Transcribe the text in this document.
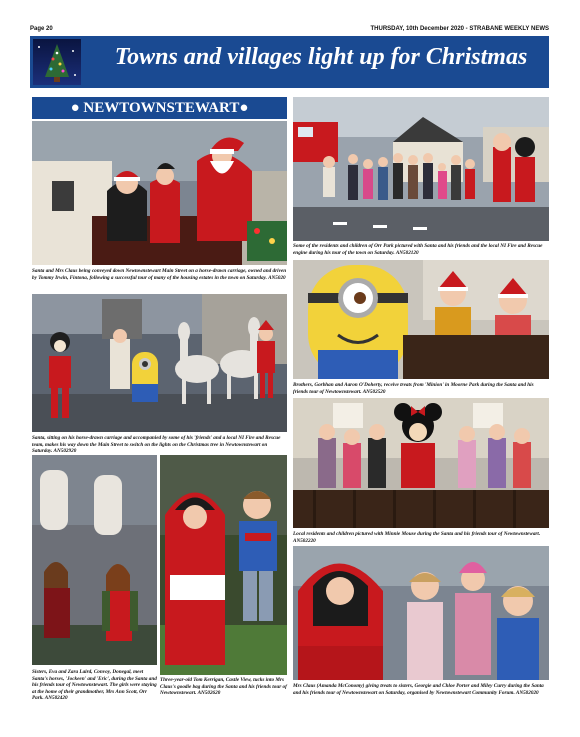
Page 20	THURSDAY, 10th December 2020 - STRABANE WEEKLY NEWS
Towns and villages light up for Christmas
● NEWTOWNSTEWART●
Santa and Mrs Claus being conveyed down Newtownstewart Main Street on a horse-drawn carriage, owned and driven by Tommy Irwin, Fintona, following a successful tour of many of the housing estates in the town on Saturday. AN5020
Santa, sitting on his horse-drawn carriage and accompanied by some of his 'friends' and a local NI Fire and Rescue team, makes his way down the Main Street to switch on the lights on the Christmas tree in Newtownstewart on Saturday. AN502920
Sisters, Eva and Zara Laird, Convoy, Donegal, meet Santa's horses, 'Jockeen' and 'Eric', during the Santa and his friends tour of Newtownstewart. The girls were staying at the home of their grandmother, Mrs Ann Scott, Orr Park. AN502420
Three-year-old Tom Kerrigan, Castle View, tucks into Mrs Claus's goodie bag during the Santa and his friends tour of Newtownstewart. AN502620
Some of the residents and children of Orr Park pictured with Santa and his friends and the local NI Fire and Rescue engine during his tour of the town on Saturday. AN502120
Brothers, Gorbhan and Aaron O'Doherty, receive treats from 'Minion' in Moorne Park during the Santa and his friends tour of Newtownstewart. AN502520
Local residents and children pictured with Minnie Mouse during the Santa and his friends tour of Newtownstewart. AN502220
Mrs Claus (Amanda McConomy) giving treats to sisters, Georgie and Chloe Porter and Miley Curry during the Santa and his friends tour of Newtownstewart on Saturday, organised by Newtownstewart Community Forum. AN502020
